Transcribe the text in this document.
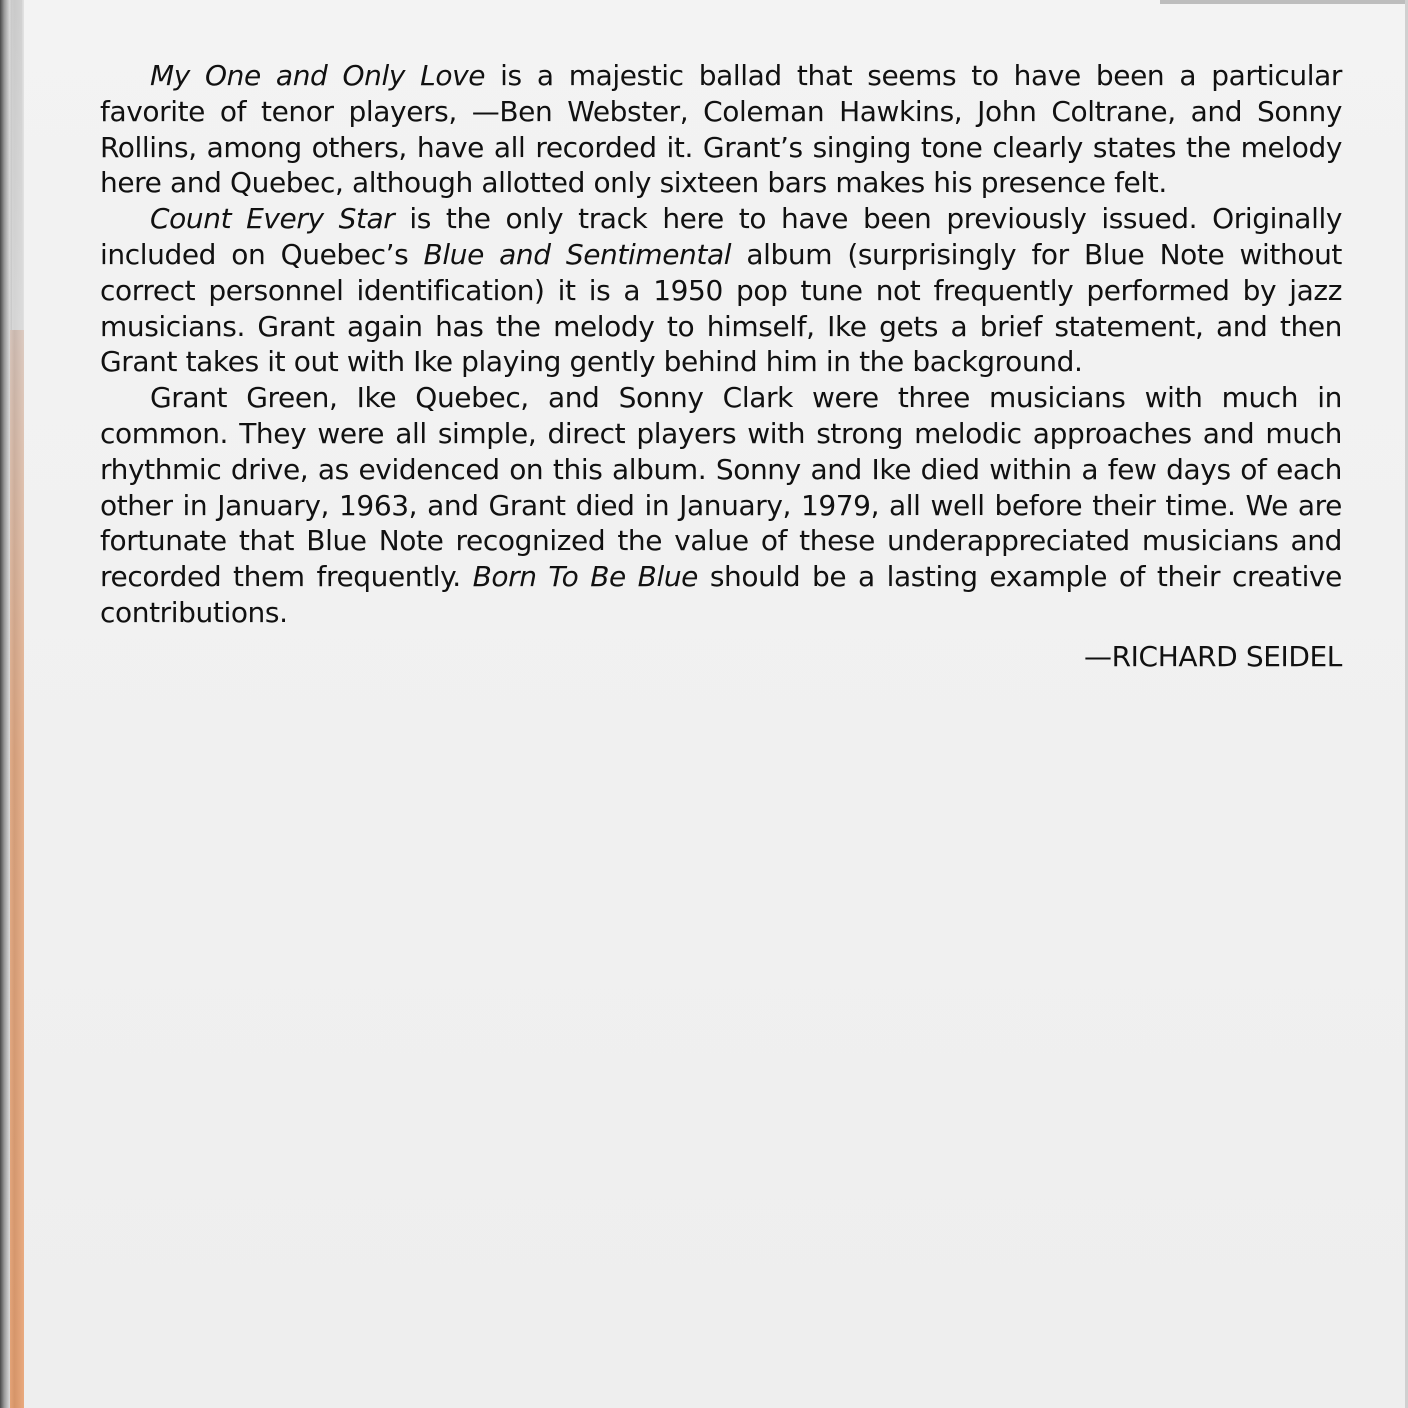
My One and Only Love is a majestic ballad that seems to have been a particular favorite of tenor players, —Ben Webster, Coleman Hawkins, John Coltrane, and Sonny Rollins, among others, have all recorded it. Grant’s singing tone clearly states the melody here and Quebec, although allotted only sixteen bars makes his presence felt.

Count Every Star is the only track here to have been previously issued. Originally included on Quebec’s Blue and Sentimental album (surprisingly for Blue Note without correct personnel identification) it is a 1950 pop tune not frequently performed by jazz musicians. Grant again has the melody to himself, Ike gets a brief statement, and then Grant takes it out with Ike playing gently behind him in the background.

Grant Green, Ike Quebec, and Sonny Clark were three musicians with much in common. They were all simple, direct players with strong melodic approaches and much rhythmic drive, as evidenced on this album. Sonny and Ike died within a few days of each other in January, 1963, and Grant died in January, 1979, all well before their time. We are fortunate that Blue Note recognized the value of these underappreciated musicians and recorded them frequently. Born To Be Blue should be a lasting example of their creative contributions.

—RICHARD SEIDEL
